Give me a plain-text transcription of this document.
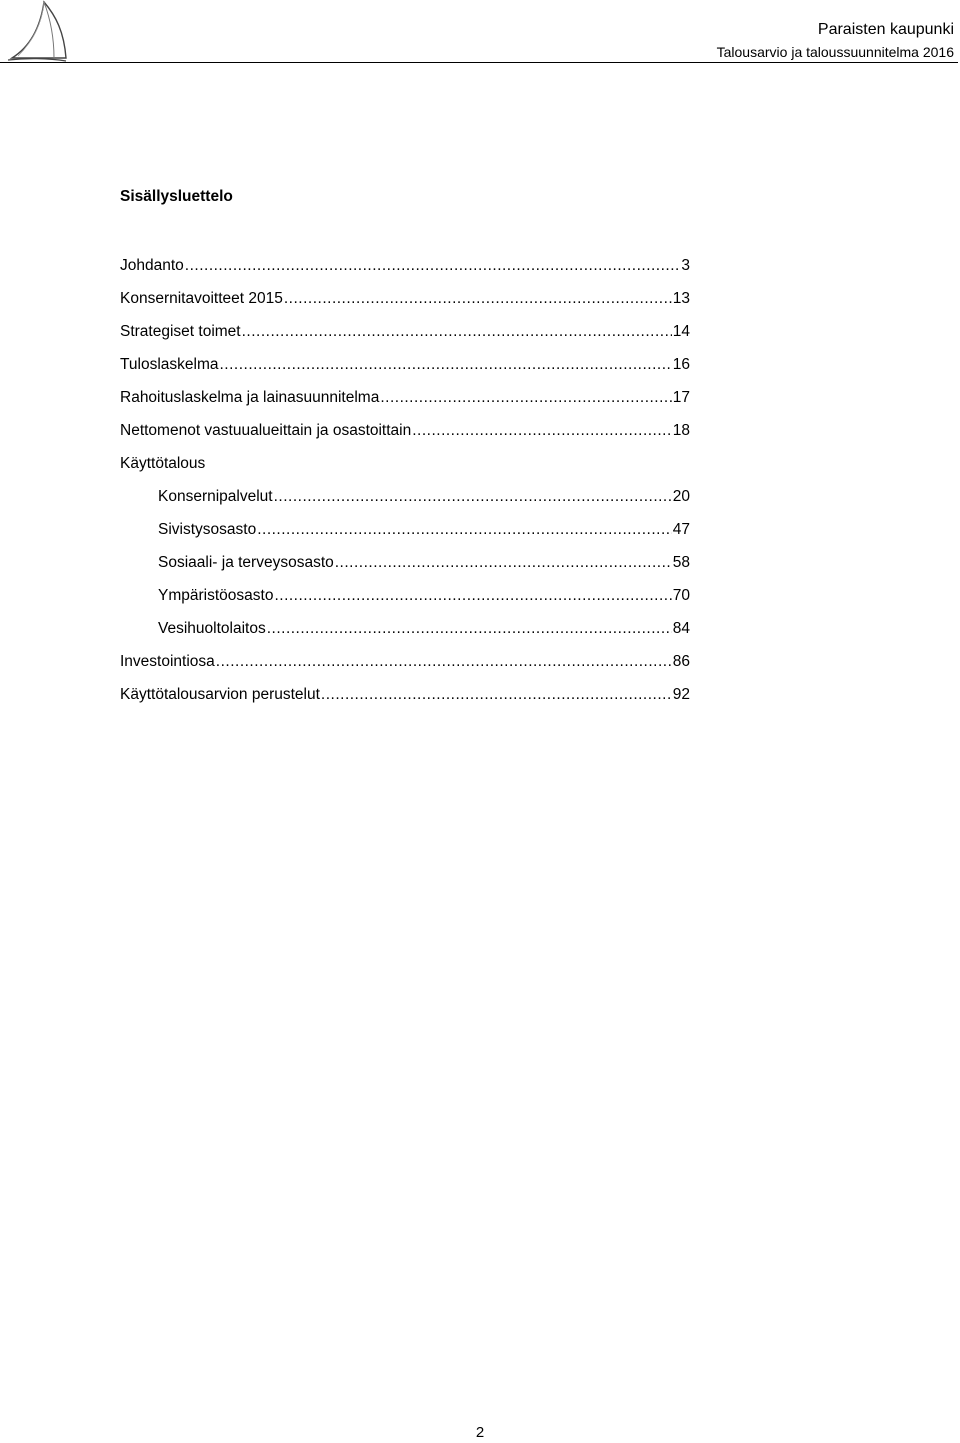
Paraisten kaupunki
Talousarvio ja taloussuunnitelma 2016
Sisällysluettelo
Johdanto .....	3
Konsernitavoitteet 2015 .....	13
Strategiset toimet .....	14
Tuloslaskelma .....	16
Rahoituslaskelma ja lainasuunnitelma .....	17
Nettomenot vastuualueittain ja osastoittain .....	18
Käyttötalous
Konsernipalvelut .....	20
Sivistysosasto .....	47
Sosiaali- ja terveysosasto .....	58
Ympäristöosasto .....	70
Vesihuoltolaitos .....	84
Investointiosa .....	86
Käyttötalousarvion perustelut .....	92
2
